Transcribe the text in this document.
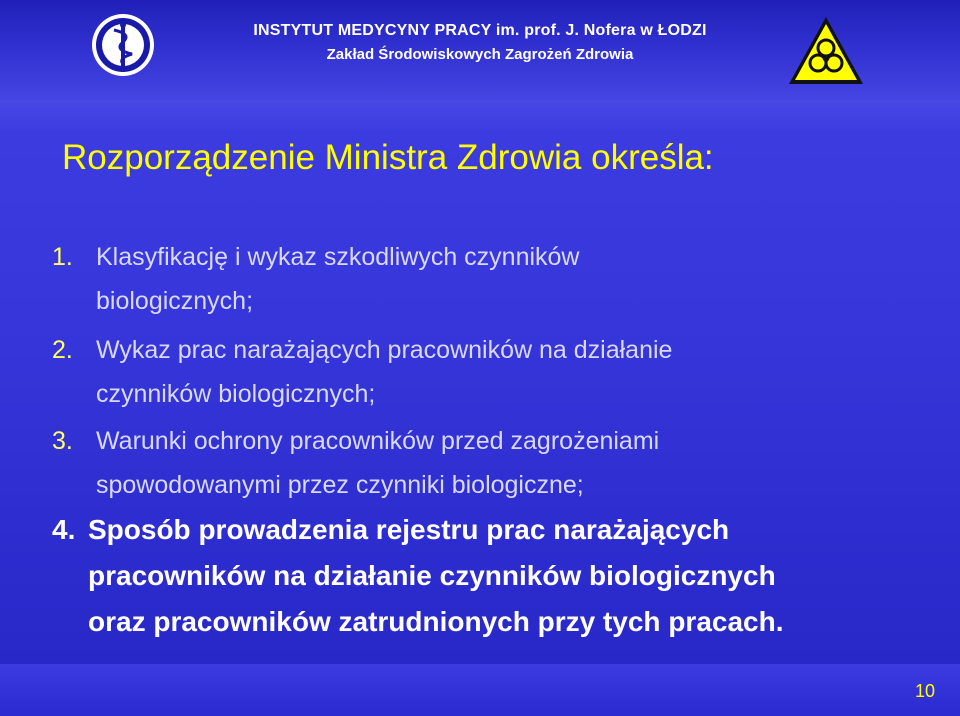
INSTYTUT MEDYCYNY PRACY im. prof. J. Nofera w ŁODZI
Zakład Środowiskowych Zagrożeń Zdrowia
Rozporządzenie Ministra Zdrowia określa:
1. Klasyfikację i wykaz szkodliwych czynników
biologicznych;
2. Wykaz prac narażających pracowników na działanie
czynników biologicznych;
3. Warunki ochrony pracowników przed zagrożeniami
spowodowanymi przez czynniki biologiczne;
4. Sposób prowadzenia rejestru prac narażających
pracowników na działanie czynników biologicznych
oraz pracowników zatrudnionych przy tych pracach.
10
